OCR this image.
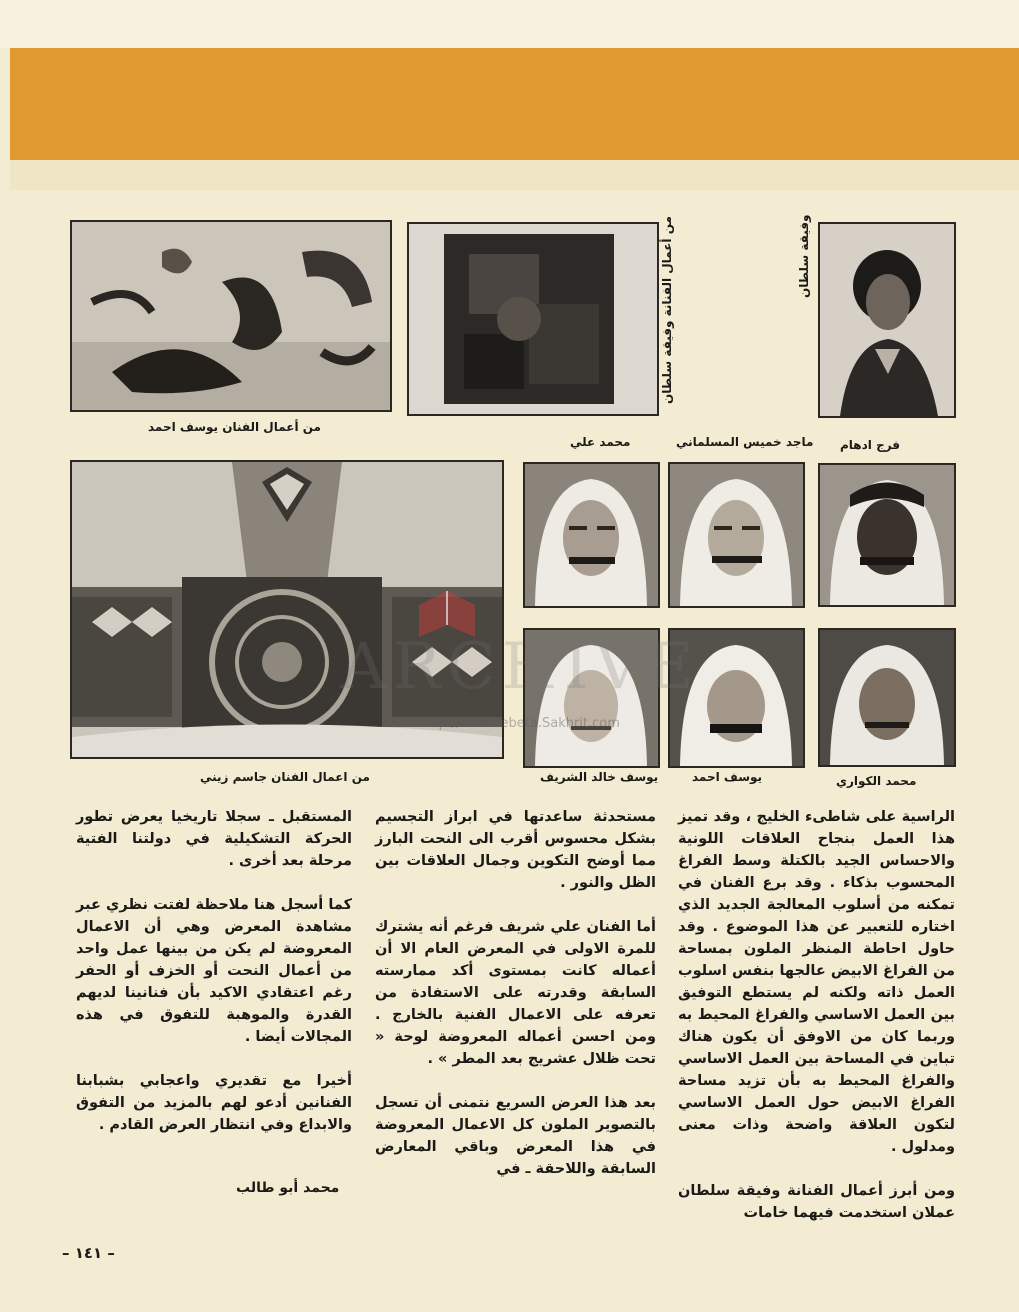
من أعمال الفنانة وفيقة سلطان	وفيقة سلطان
من أعمال الفنان يوسف احمد
فرج ادهام
ماجد خميس المسلماني
محمد علي
محمد الكواري
يوسف احمد
يوسف خالد الشريف
من اعمال الفنان جاسم زيني
ARCHIVE
http://Archivebeta.Sakhrit.com

الراسية على شاطىء الخليج ، وقد تميز هذا العمل بنجاح العلاقات اللونية والاحساس الجيد بالكتلة وسط الفراغ المحسوب بذكاء . وقد برع الفنان في تمكنه من أسلوب المعالجة الجديد الذي اختاره للتعبير عن هذا الموضوع . وقد حاول احاطة المنظر الملون بمساحة من الفراغ الابيض عالجها بنفس اسلوب العمل ذاته ولكنه لم يستطع التوفيق بين العمل الاساسي والفراغ المحيط به وربما كان من الاوفق أن يكون هناك تباين في المساحة بين العمل الاساسي والفراغ المحيط به بأن تزيد مساحة الفراغ الابيض حول العمل الاساسي لتكون العلاقة واضحة وذات معنى ومدلول .

ومن أبرز أعمال الفنانة وفيقة سلطان عملان استخدمت فيهما خامات

مستحدثة ساعدتها في ابراز التجسيم بشكل محسوس أقرب الى النحت البارز مما أوضح التكوين وجمال العلاقات بين الظل والنور .

أما الفنان علي شريف فرغم أنه يشترك للمرة الاولى في المعرض العام الا أن أعماله كانت بمستوى أكد ممارسته السابقة وقدرته على الاستفادة من تعرفه على الاعمال الفنية بالخارج . ومن احسن أعماله المعروضة لوحة « تحت ظلال عشريج بعد المطر » .

بعد هذا العرض السريع نتمنى أن تسجل بالتصوير الملون كل الاعمال المعروضة في هذا المعرض وباقي المعارض السابقة واللاحقة ـ في

المستقبل ـ سجلا تاريخيا يعرض تطور الحركة التشكيلية في دولتنا الفتية مرحلة بعد أخرى .

كما أسجل هنا ملاحظة لفتت نظري عبر مشاهدة المعرض وهي أن الاعمال المعروضة لم يكن من بينها عمل واحد من أعمال النحت أو الخزف أو الحفر رغم اعتقادي الاكيد بأن فنانينا لديهم القدرة والموهبة للتفوق في هذه المجالات أيضا .

أخيرا مع تقديري واعجابي بشبابنا الفنانين أدعو لهم بالمزيد من التفوق والابداع وفي انتظار العرض القادم .

محمد أبو طالب
– ١٤١ –
